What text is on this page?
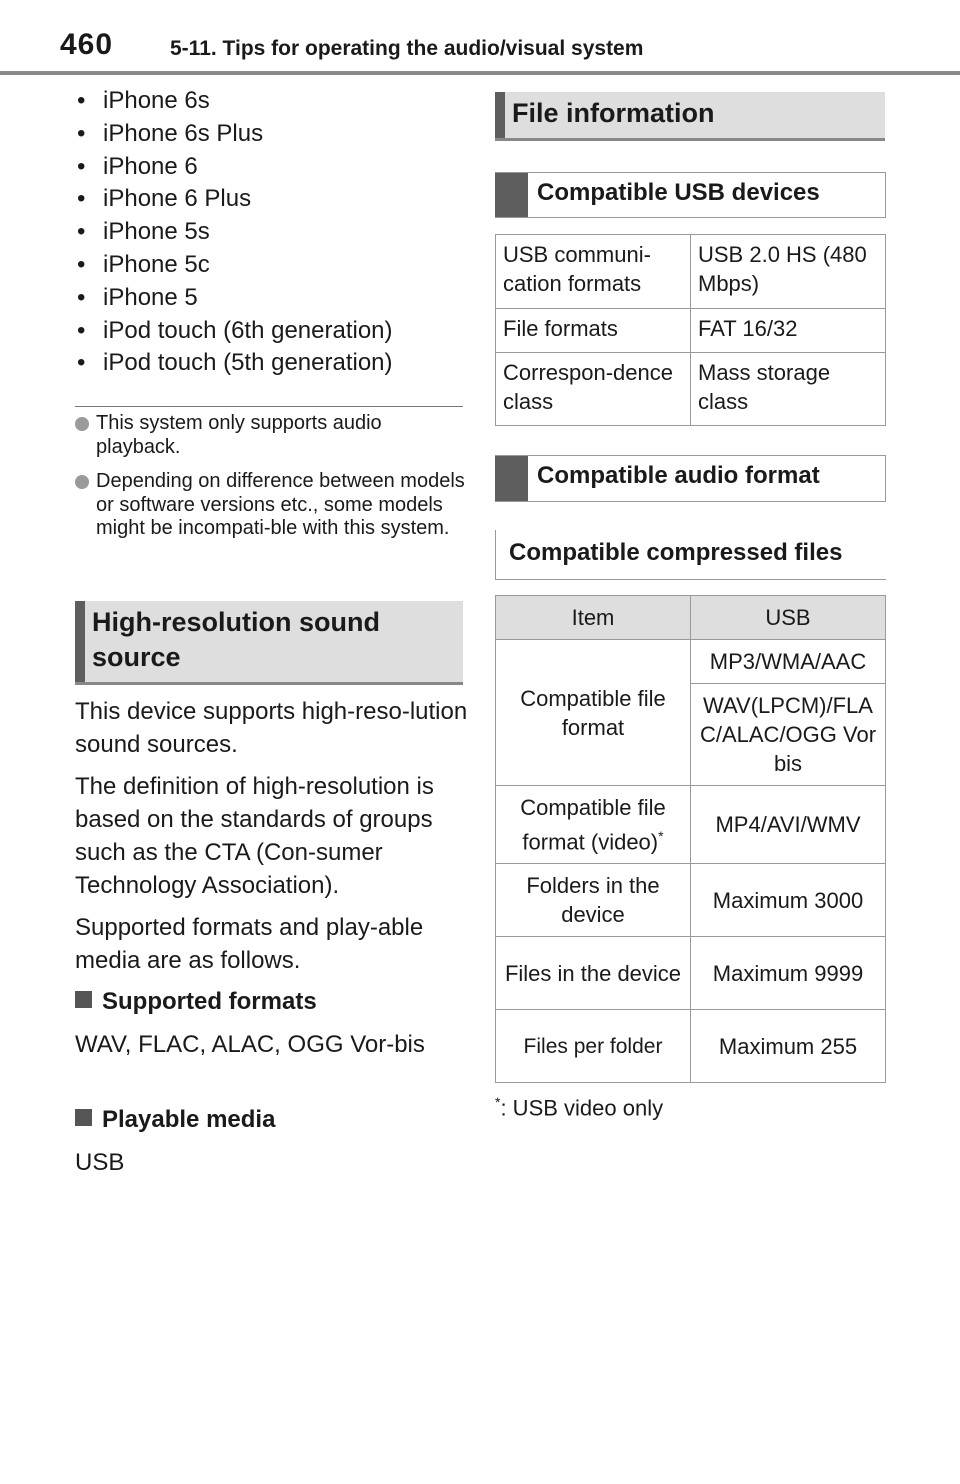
460	5-11. Tips for operating the audio/visual system
• iPhone 6s
• iPhone 6s Plus
• iPhone 6
• iPhone 6 Plus
• iPhone 5s
• iPhone 5c
• iPhone 5
• iPod touch (6th generation)
• iPod touch (5th generation)
This system only supports audio playback.
Depending on difference between models or software versions etc., some models might be incompati-ble with this system.
High-resolution sound
source
This device supports high-reso-lution sound sources.
The definition of high-resolution is based on the standards of groups such as the CTA (Con-sumer Technology Association).
Supported formats and play-able media are as follows.
Supported formats
WAV, FLAC, ALAC, OGG Vor-bis
Playable media
USB
File information
Compatible USB devices
USB communi-cation formats	USB 2.0 HS (480 Mbps)
File formats	FAT 16/32
Correspon-dence class	Mass storage class
Compatible audio format
Compatible compressed files
Item	USB
Compatible file format	MP3/WMA/AAC
	WAV(LPCM)/FLAC/ALAC/OGG Vorbis
Compatible file format (video)*	MP4/AVI/WMV
Folders in the device	Maximum 3000
Files in the device	Maximum 9999
Files per folder	Maximum 255
*: USB video only
